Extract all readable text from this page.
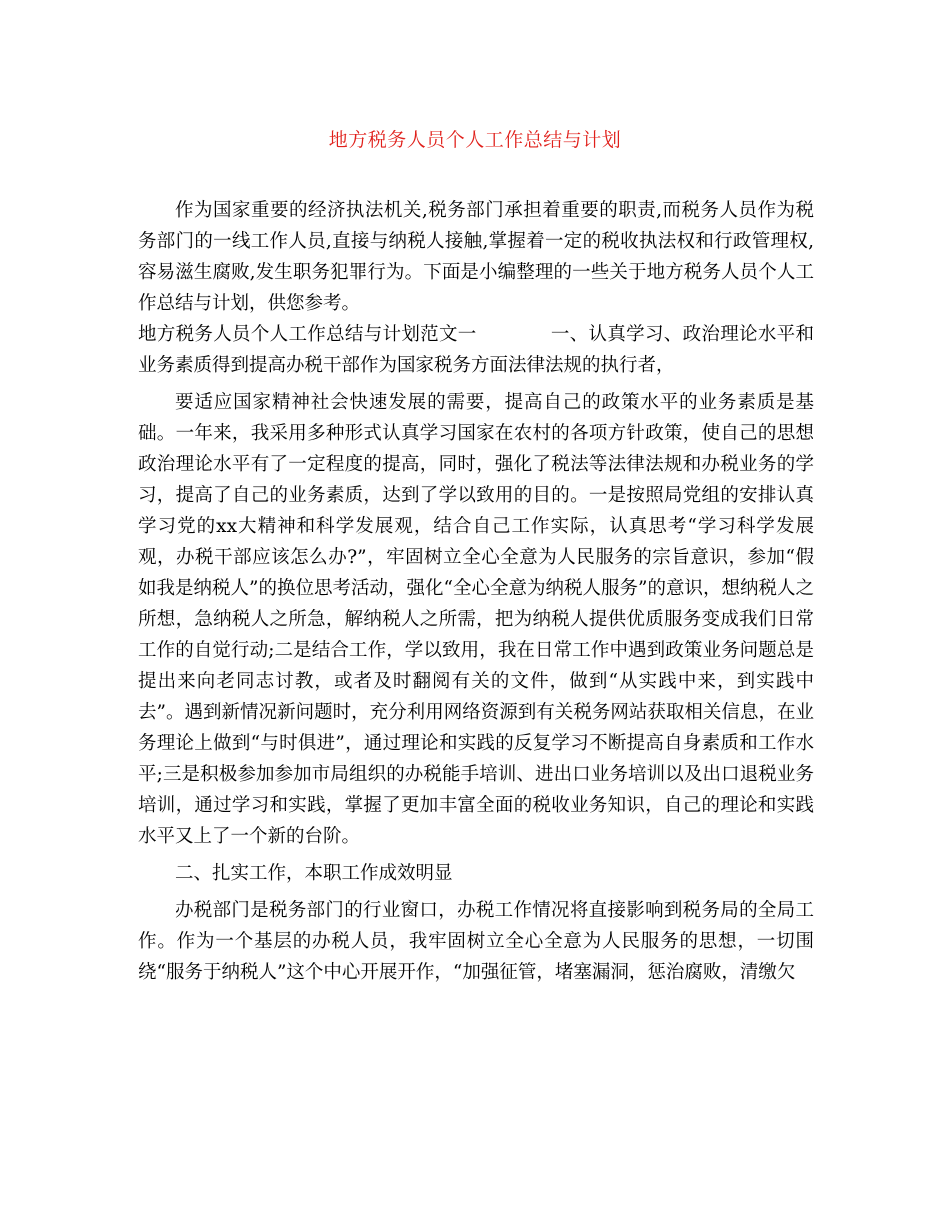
地方税务人员个人工作总结与计划

作为国家重要的经济执法机关,税务部门承担着重要的职责,而税务人员作为税务部门的一线工作人员,直接与纳税人接触,掌握着一定的税收执法权和行政管理权,容易滋生腐败,发生职务犯罪行为。下面是小编整理的一些关于地方税务人员个人工作总结与计划，供您参考。

地方税务人员个人工作总结与计划范文一	一、认真学习、政治理论水平和业务素质得到提高办税干部作为国家税务方面法律法规的执行者，

要适应国家精神社会快速发展的需要，提高自己的政策水平的业务素质是基础。一年来，我采用多种形式认真学习国家在农村的各项方针政策，使自己的思想政治理论水平有了一定程度的提高，同时，强化了税法等法律法规和办税业务的学习，提高了自己的业务素质，达到了学以致用的目的。一是按照局党组的安排认真学习党的xx大精神和科学发展观，结合自己工作实际，认真思考“学习科学发展观，办税干部应该怎么办?”，牢固树立全心全意为人民服务的宗旨意识，参加“假如我是纳税人”的换位思考活动，强化“全心全意为纳税人服务”的意识，想纳税人之所想，急纳税人之所急，解纳税人之所需，把为纳税人提供优质服务变成我们日常工作的自觉行动;二是结合工作，学以致用，我在日常工作中遇到政策业务问题总是提出来向老同志讨教，或者及时翻阅有关的文件，做到“从实践中来，到实践中去”。遇到新情况新问题时，充分利用网络资源到有关税务网站获取相关信息，在业务理论上做到“与时俱进”，通过理论和实践的反复学习不断提高自身素质和工作水平;三是积极参加参加市局组织的办税能手培训、进出口业务培训以及出口退税业务培训，通过学习和实践，掌握了更加丰富全面的税收业务知识，自己的理论和实践水平又上了一个新的台阶。

二、扎实工作，本职工作成效明显

办税部门是税务部门的行业窗口，办税工作情况将直接影响到税务局的全局工作。作为一个基层的办税人员，我牢固树立全心全意为人民服务的思想，一切围绕“服务于纳税人”这个中心开展开作，“加强征管，堵塞漏洞，惩治腐败，清缴欠
